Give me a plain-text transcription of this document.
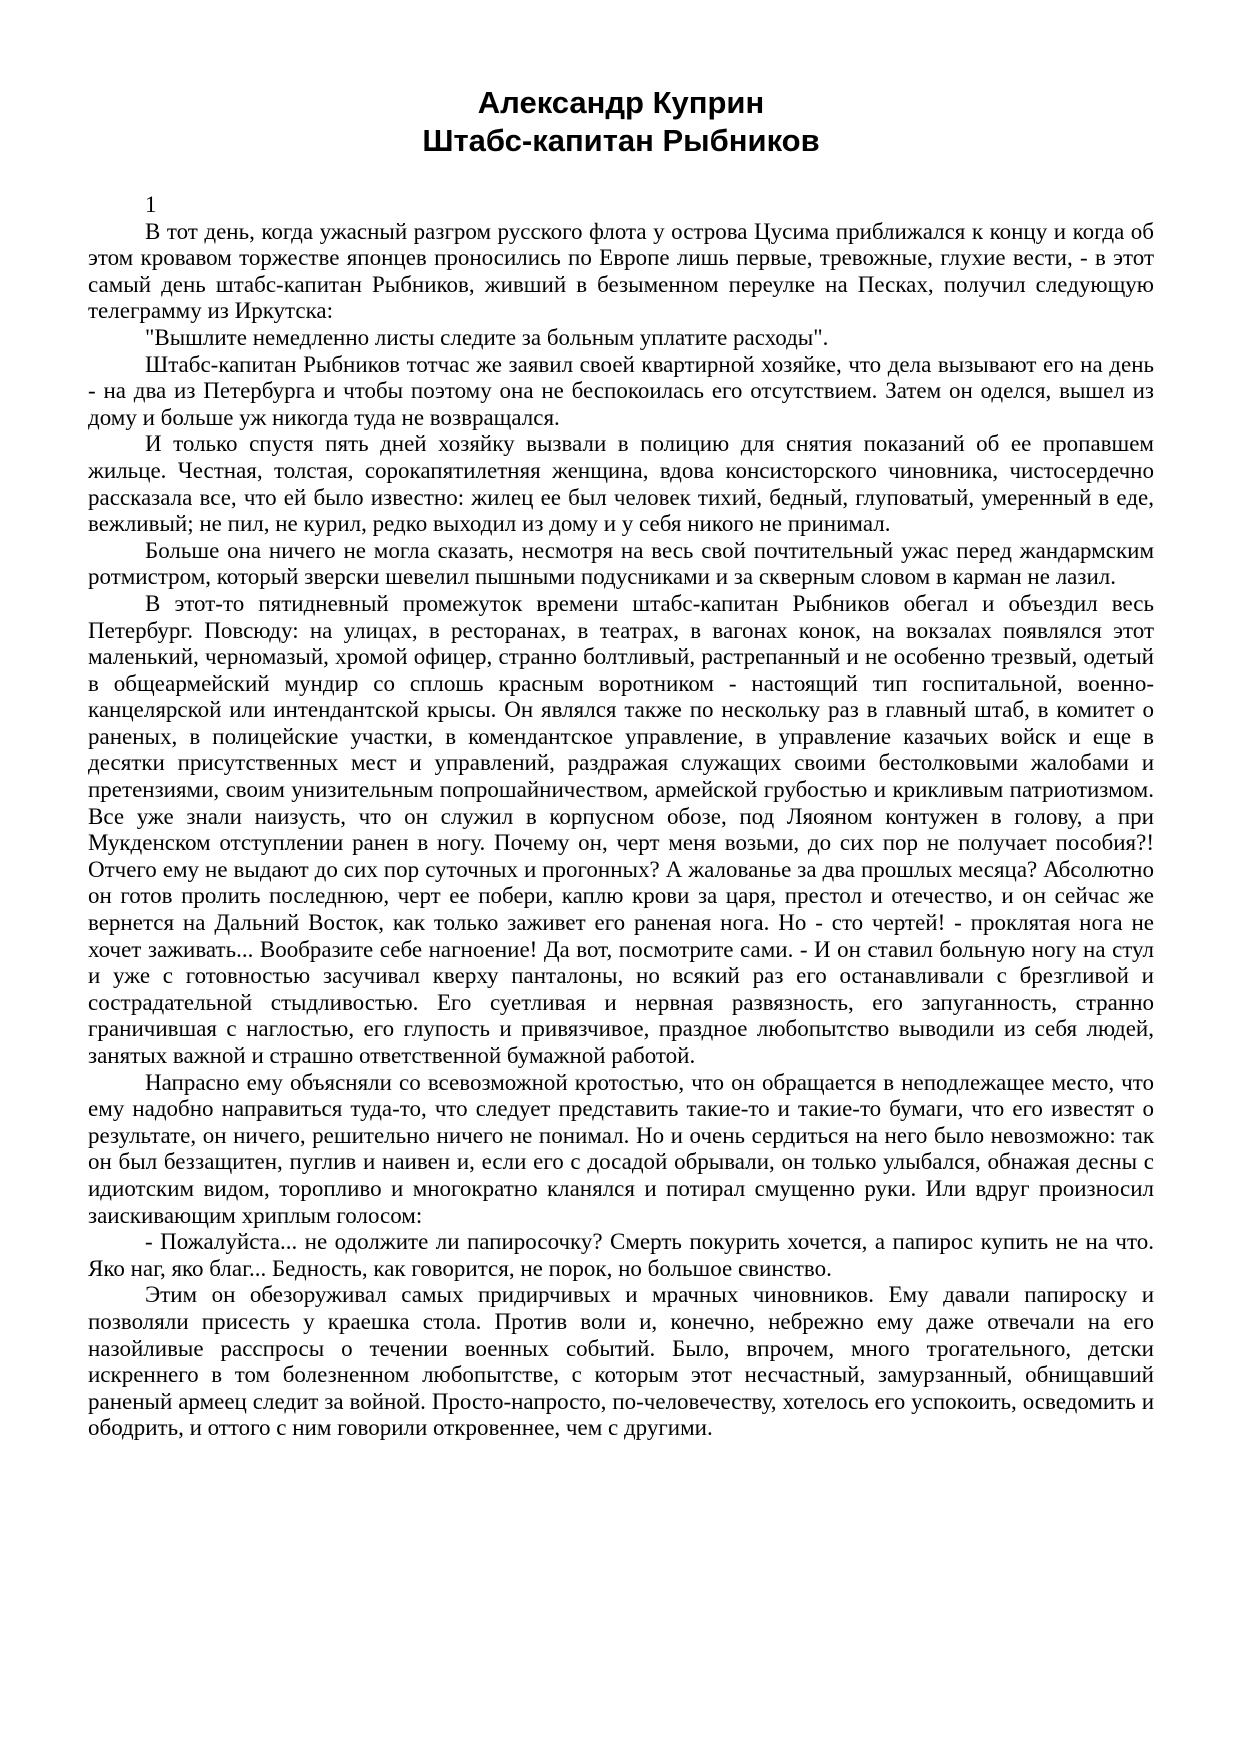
Александр Куприн
Штабс-капитан Рыбников

1

В тот день, когда ужасный разгром русского флота у острова Цусима приближался к концу и когда об этом кровавом торжестве японцев проносились по Европе лишь первые, тревожные, глухие вести, - в этот самый день штабс-капитан Рыбников, живший в безыменном переулке на Песках, получил следующую телеграмму из Иркутска:

"Вышлите немедленно листы следите за больным уплатите расходы".

Штабс-капитан Рыбников тотчас же заявил своей квартирной хозяйке, что дела вызывают его на день - на два из Петербурга и чтобы поэтому она не беспокоилась его отсутствием. Затем он оделся, вышел из дому и больше уж никогда туда не возвращался.

И только спустя пять дней хозяйку вызвали в полицию для снятия показаний об ее пропавшем жильце. Честная, толстая, сорокапятилетняя женщина, вдова консисторского чиновника, чистосердечно рассказала все, что ей было известно: жилец ее был человек тихий, бедный, глуповатый, умеренный в еде, вежливый; не пил, не курил, редко выходил из дому и у себя никого не принимал.

Больше она ничего не могла сказать, несмотря на весь свой почтительный ужас перед жандармским ротмистром, который зверски шевелил пышными подусниками и за скверным словом в карман не лазил.

В этот-то пятидневный промежуток времени штабс-капитан Рыбников обегал и объездил весь Петербург. Повсюду: на улицах, в ресторанах, в театрах, в вагонах конок, на вокзалах появлялся этот маленький, черномазый, хромой офицер, странно болтливый, растрепанный и не особенно трезвый, одетый в общеармейский мундир со сплошь красным воротником - настоящий тип госпитальной, военно-канцелярской или интендантской крысы. Он являлся также по нескольку раз в главный штаб, в комитет о раненых, в полицейские участки, в комендантское управление, в управление казачьих войск и еще в десятки присутственных мест и управлений, раздражая служащих своими бестолковыми жалобами и претензиями, своим унизительным попрошайничеством, армейской грубостью и крикливым патриотизмом. Все уже знали наизусть, что он служил в корпусном обозе, под Ляояном контужен в голову, а при Мукденском отступлении ранен в ногу. Почему он, черт меня возьми, до сих пор не получает пособия?! Отчего ему не выдают до сих пор суточных и прогонных? А жалованье за два прошлых месяца? Абсолютно он готов пролить последнюю, черт ее побери, каплю крови за царя, престол и отечество, и он сейчас же вернется на Дальний Восток, как только заживет его раненая нога. Но - сто чертей! - проклятая нога не хочет заживать... Вообразите себе нагноение! Да вот, посмотрите сами. - И он ставил больную ногу на стул и уже с готовностью засучивал кверху панталоны, но всякий раз его останавливали с брезгливой и сострадательной стыдливостью. Его суетливая и нервная развязность, его запуганность, странно граничившая с наглостью, его глупость и привязчивое, праздное любопытство выводили из себя людей, занятых важной и страшно ответственной бумажной работой.

Напрасно ему объясняли со всевозможной кротостью, что он обращается в неподлежащее место, что ему надобно направиться туда-то, что следует представить такие-то и такие-то бумаги, что его известят о результате, он ничего, решительно ничего не понимал. Но и очень сердиться на него было невозможно: так он был беззащитен, пуглив и наивен и, если его с досадой обрывали, он только улыбался, обнажая десны с идиотским видом, торопливо и многократно кланялся и потирал смущенно руки. Или вдруг произносил заискивающим хриплым голосом:

- Пожалуйста... не одолжите ли папиросочку? Смерть покурить хочется, а папирос купить не на что. Яко наг, яко благ... Бедность, как говорится, не порок, но большое свинство.

Этим он обезоруживал самых придирчивых и мрачных чиновников. Ему давали папироску и позволяли присесть у краешка стола. Против воли и, конечно, небрежно ему даже отвечали на его назойливые расспросы о течении военных событий. Было, впрочем, много трогательного, детски искреннего в том болезненном любопытстве, с которым этот несчастный, замурзанный, обнищавший раненый армеец следит за войной. Просто-напросто, по-человечеству, хотелось его успокоить, осведомить и ободрить, и оттого с ним говорили откровеннее, чем с другими.
